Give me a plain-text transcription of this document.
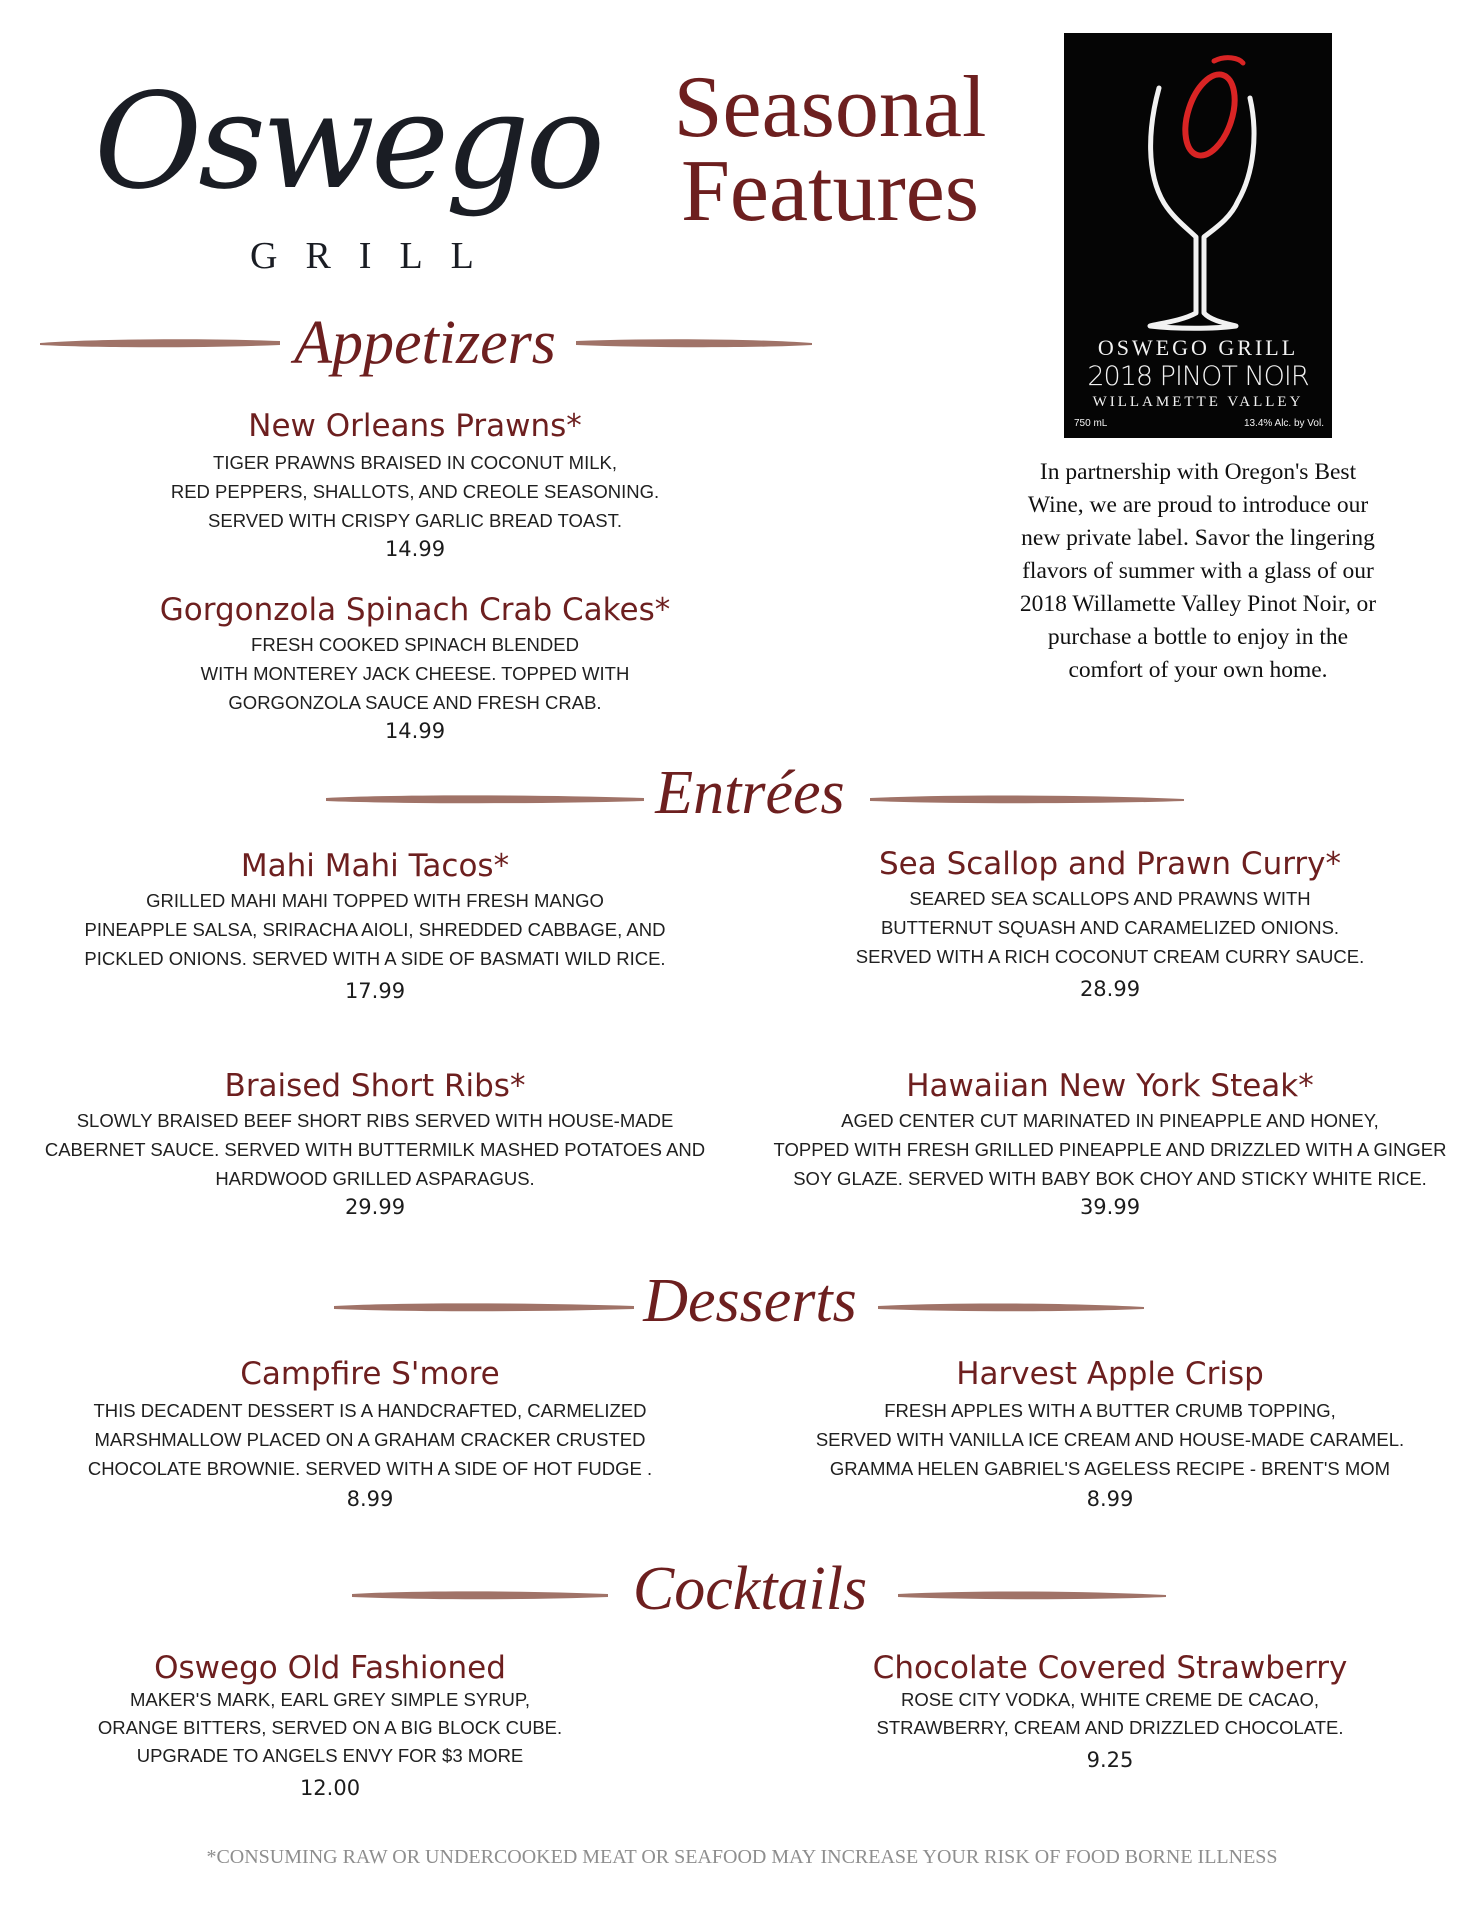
Oswego
GRILL
Seasonal
Features
OSWEGO GRILL
2018 PINOT NOIR
WILLAMETTE VALLEY
750 mL	13.4% Alc. by Vol.
In partnership with Oregon's Best
Wine, we are proud to introduce our
new private label. Savor the lingering
flavors of summer with a glass of our
2018 Willamette Valley Pinot Noir, or
purchase a bottle to enjoy in the
comfort of your own home.
Appetizers
New Orleans Prawns*
TIGER PRAWNS BRAISED IN COCONUT MILK,
RED PEPPERS, SHALLOTS, AND CREOLE SEASONING.
SERVED WITH CRISPY GARLIC BREAD TOAST.
14.99
Gorgonzola Spinach Crab Cakes*
FRESH COOKED SPINACH BLENDED
WITH MONTEREY JACK CHEESE. TOPPED WITH
GORGONZOLA SAUCE AND FRESH CRAB.
14.99
Entrées
Mahi Mahi Tacos*
GRILLED MAHI MAHI TOPPED WITH FRESH MANGO
PINEAPPLE SALSA, SRIRACHA AIOLI, SHREDDED CABBAGE, AND
PICKLED ONIONS. SERVED WITH A SIDE OF BASMATI WILD RICE.
17.99
Sea Scallop and Prawn Curry*
SEARED SEA SCALLOPS AND PRAWNS WITH
BUTTERNUT SQUASH AND CARAMELIZED ONIONS.
SERVED WITH A RICH COCONUT CREAM CURRY SAUCE.
28.99
Braised Short Ribs*
SLOWLY BRAISED BEEF SHORT RIBS SERVED WITH HOUSE-MADE
CABERNET SAUCE. SERVED WITH BUTTERMILK MASHED POTATOES AND
HARDWOOD GRILLED ASPARAGUS.
29.99
Hawaiian New York Steak*
AGED CENTER CUT MARINATED IN PINEAPPLE AND HONEY,
TOPPED WITH FRESH GRILLED PINEAPPLE AND DRIZZLED WITH A GINGER
SOY GLAZE. SERVED WITH BABY BOK CHOY AND STICKY WHITE RICE.
39.99
Desserts
Campfire S'more
THIS DECADENT DESSERT IS A HANDCRAFTED, CARMELIZED
MARSHMALLOW PLACED ON A GRAHAM CRACKER CRUSTED
CHOCOLATE BROWNIE. SERVED WITH A SIDE OF HOT FUDGE .
8.99
Harvest Apple Crisp
FRESH APPLES WITH A BUTTER CRUMB TOPPING,
SERVED WITH VANILLA ICE CREAM AND HOUSE-MADE CARAMEL.
GRAMMA HELEN GABRIEL'S AGELESS RECIPE - BRENT'S MOM
8.99
Cocktails
Oswego Old Fashioned
MAKER'S MARK, EARL GREY SIMPLE SYRUP,
ORANGE BITTERS, SERVED ON A BIG BLOCK CUBE.
UPGRADE TO ANGELS ENVY FOR $3 MORE
12.00
Chocolate Covered Strawberry
ROSE CITY VODKA, WHITE CREME DE CACAO,
STRAWBERRY, CREAM AND DRIZZLED CHOCOLATE.
9.25
*CONSUMING RAW OR UNDERCOOKED MEAT OR SEAFOOD MAY INCREASE YOUR RISK OF FOOD BORNE ILLNESS
